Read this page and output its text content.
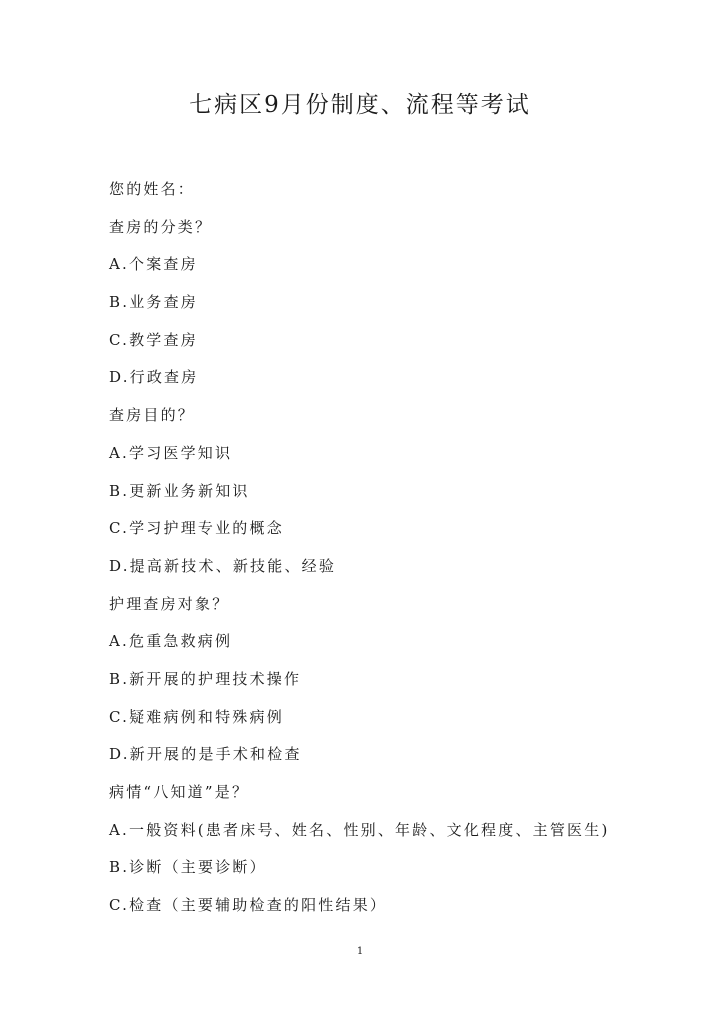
七病区9月份制度、流程等考试
您的姓名：
查房的分类？
A.个案查房
B.业务查房
C.教学查房
D.行政查房
查房目的？
A.学习医学知识
B.更新业务新知识
C.学习护理专业的概念
D.提高新技术、新技能、经验
护理查房对象？
A.危重急救病例
B.新开展的护理技术操作
C.疑难病例和特殊病例
D.新开展的是手术和检查
病情“八知道”是？
A.一般资料(患者床号、姓名、性别、年龄、文化程度、主管医生)
B.诊断（主要诊断）
C.检查（主要辅助检查的阳性结果）
1
